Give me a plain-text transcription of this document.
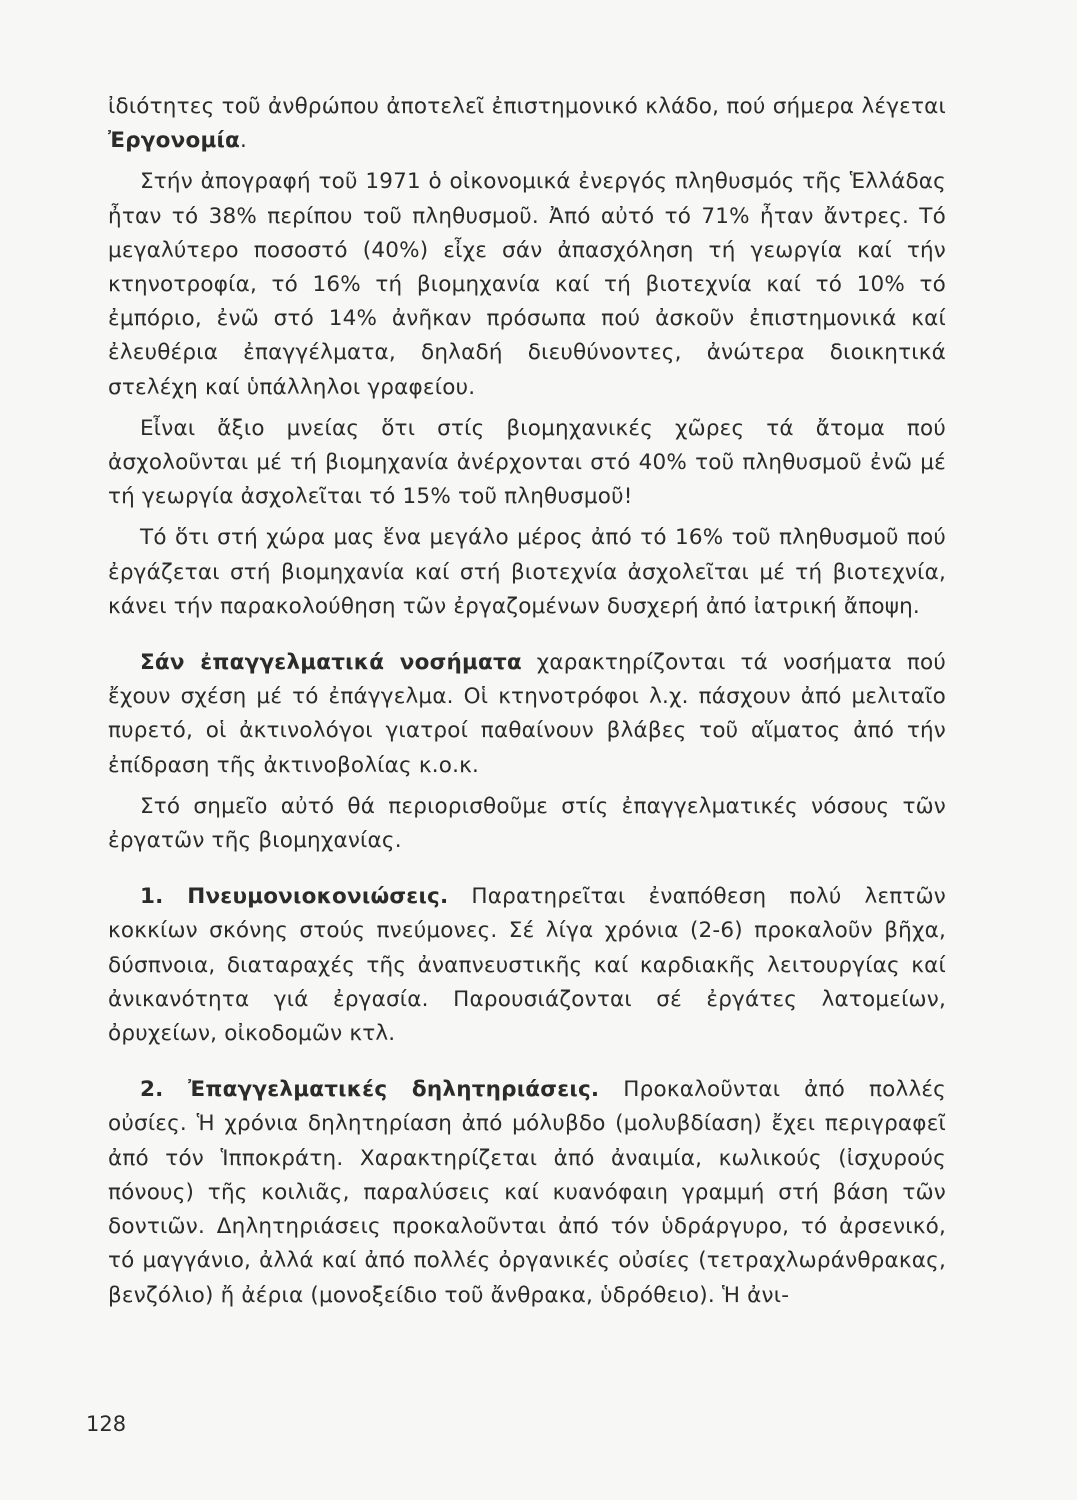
ἰδιότητες τοῦ ἀνθρώπου ἀποτελεῖ ἐπιστημονικό κλάδο, πού σήμερα λέγεται Ἐργονομία.

Στήν ἀπογραφή τοῦ 1971 ὁ οἰκονομικά ἐνεργός πληθυσμός τῆς Ἑλλάδας ἦταν τό 38% περίπου τοῦ πληθυσμοῦ. Ἀπό αὐτό τό 71% ἦταν ἄντρες. Τό μεγαλύτερο ποσοστό (40%) εἶχε σάν ἀπασχόληση τή γεωργία καί τήν κτηνοτροφία, τό 16% τή βιομηχανία καί τή βιοτεχνία καί τό 10% τό ἐμπόριο, ἐνῶ στό 14% ἀνῆκαν πρόσωπα πού ἀσκοῦν ἐπιστημονικά καί ἐλευθέρια ἐπαγγέλματα, δηλαδή διευθύνοντες, ἀνώτερα διοικητικά στελέχη καί ὑπάλληλοι γραφείου.

Εἶναι ἄξιο μνείας ὅτι στίς βιομηχανικές χῶρες τά ἄτομα πού ἀσχολοῦνται μέ τή βιομηχανία ἀνέρχονται στό 40% τοῦ πληθυσμοῦ ἐνῶ μέ τή γεωργία ἀσχολεῖται τό 15% τοῦ πληθυσμοῦ!

Τό ὅτι στή χώρα μας ἕνα μεγάλο μέρος ἀπό τό 16% τοῦ πληθυσμοῦ πού ἐργάζεται στή βιομηχανία καί στή βιοτεχνία ἀσχολεῖται μέ τή βιοτεχνία, κάνει τήν παρακολούθηση τῶν ἐργαζομένων δυσχερή ἀπό ἰατρική ἄποψη.

Σάν ἐπαγγελματικά νοσήματα χαρακτηρίζονται τά νοσήματα πού ἔχουν σχέση μέ τό ἐπάγγελμα. Οἱ κτηνοτρόφοι λ.χ. πάσχουν ἀπό μελιταῖο πυρετό, οἱ ἀκτινολόγοι γιατροί παθαίνουν βλάβες τοῦ αἵματος ἀπό τήν ἐπίδραση τῆς ἀκτινοβολίας κ.ο.κ.

Στό σημεῖο αὐτό θά περιορισθοῦμε στίς ἐπαγγελματικές νόσους τῶν ἐργατῶν τῆς βιομηχανίας.

1. Πνευμονιοκονιώσεις. Παρατηρεῖται ἐναπόθεση πολύ λεπτῶν κοκκίων σκόνης στούς πνεύμονες. Σέ λίγα χρόνια (2-6) προκαλοῦν βῆχα, δύσπνοια, διαταραχές τῆς ἀναπνευστικῆς καί καρδιακῆς λειτουργίας καί ἀνικανότητα γιά ἐργασία. Παρουσιάζονται σέ ἐργάτες λατομείων, ὀρυχείων, οἰκοδομῶν κτλ.

2. Ἐπαγγελματικές δηλητηριάσεις. Προκαλοῦνται ἀπό πολλές οὐσίες. Ἡ χρόνια δηλητηρίαση ἀπό μόλυβδο (μολυβδίαση) ἔχει περιγραφεῖ ἀπό τόν Ἱπποκράτη. Χαρακτηρίζεται ἀπό ἀναιμία, κωλικούς (ἰσχυρούς πόνους) τῆς κοιλιᾶς, παραλύσεις καί κυανόφαιη γραμμή στή βάση τῶν δοντιῶν. Δηλητηριάσεις προκαλοῦνται ἀπό τόν ὑδράργυρο, τό ἀρσενικό, τό μαγγάνιο, ἀλλά καί ἀπό πολλές ὀργανικές οὐσίες (τετραχλωράνθρακας, βενζόλιο) ἤ ἀέρια (μονοξείδιο τοῦ ἄνθρακα, ὑδρόθειο). Ἡ ἀνι-

128
